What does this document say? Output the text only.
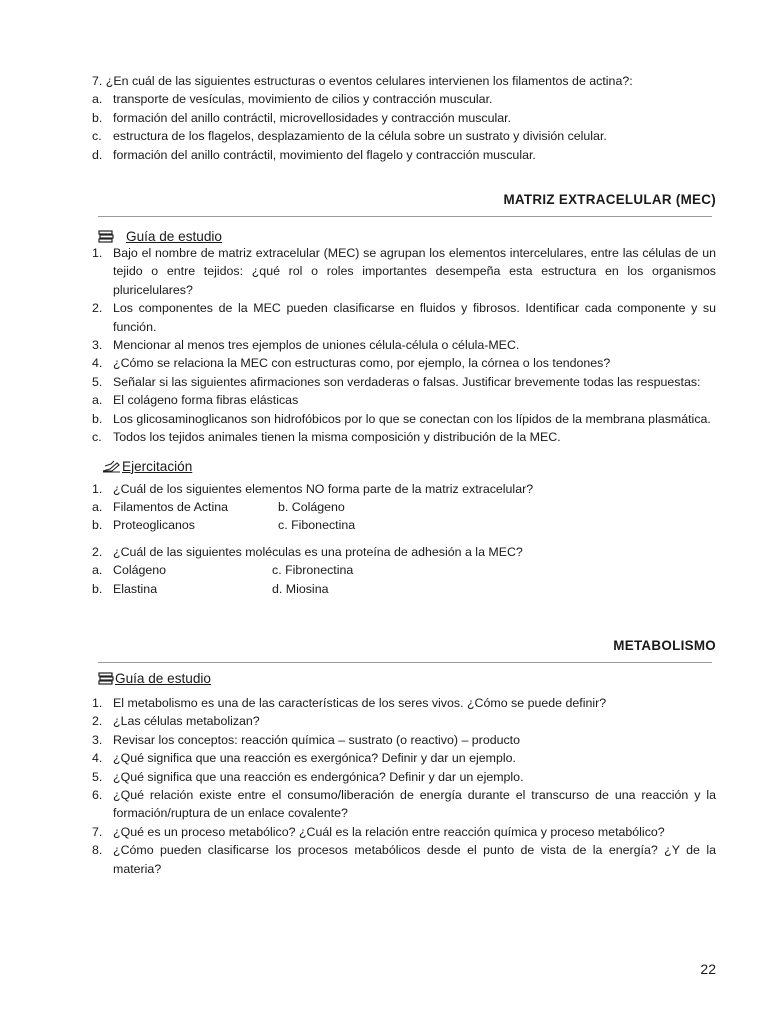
7. ¿En cuál de las siguientes estructuras o eventos celulares intervienen los filamentos de actina?:
a. transporte de vesículas, movimiento de cilios y contracción muscular.
b. formación del anillo contráctil, microvellosidades y contracción muscular.
c. estructura de los flagelos, desplazamiento de la célula sobre un sustrato y división celular.
d. formación del anillo contráctil, movimiento del flagelo y contracción muscular.
MATRIZ EXTRACELULAR (MEC)
Guía de estudio
1. Bajo el nombre de matriz extracelular (MEC) se agrupan los elementos intercelulares, entre las células de un tejido o entre tejidos: ¿qué rol o roles importantes desempeña esta estructura en los organismos pluricelulares?
2. Los componentes de la MEC pueden clasificarse en fluidos y fibrosos. Identificar cada componente y su función.
3. Mencionar al menos tres ejemplos de uniones célula-célula o célula-MEC.
4. ¿Cómo se relaciona la MEC con estructuras como, por ejemplo, la córnea o los tendones?
5. Señalar si las siguientes afirmaciones son verdaderas o falsas. Justificar brevemente todas las respuestas:
a. El colágeno forma fibras elásticas
b. Los glicosaminoglicanos son hidrofóbicos por lo que se conectan con los lípidos de la membrana plasmática.
c. Todos los tejidos animales tienen la misma composición y distribución de la MEC.
Ejercitación
1. ¿Cuál de los siguientes elementos NO forma parte de la matriz extracelular?
a. Filamentos de Actina	b. Colágeno
b. Proteoglicanos	c. Fibonectina
2. ¿Cuál de las siguientes moléculas es una proteína de adhesión a la MEC?
a. Colágeno	c. Fibronectina
b. Elastina	d. Miosina
METABOLISMO
Guía de estudio
1. El metabolismo es una de las características de los seres vivos. ¿Cómo se puede definir?
2. ¿Las células metabolizan?
3. Revisar los conceptos: reacción química – sustrato (o reactivo) – producto
4. ¿Qué significa que una reacción es exergónica? Definir y dar un ejemplo.
5. ¿Qué significa que una reacción es endergónica? Definir y dar un ejemplo.
6. ¿Qué relación existe entre el consumo/liberación de energía durante el transcurso de una reacción y la formación/ruptura de un enlace covalente?
7. ¿Qué es un proceso metabólico? ¿Cuál es la relación entre reacción química y proceso metabólico?
8. ¿Cómo pueden clasificarse los procesos metabólicos desde el punto de vista de la energía? ¿Y de la materia?
22
